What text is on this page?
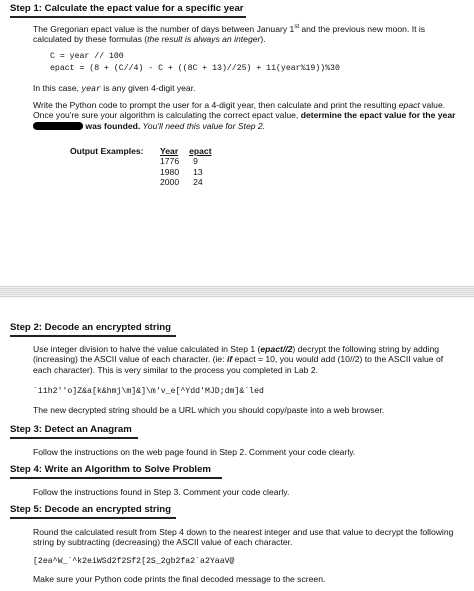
Step 1: Calculate the epact value for a specific year
The Gregorian epact value is the number of days between January 1st and the previous new moon. It is calculated by these formulas (the result is always an integer).
C = year // 100
epact = (8 + (C//4) - C + ((8C + 13)//25) + 11(year%19))%30
In this case, year is any given 4-digit year.
Write the Python code to prompt the user for a 4-digit year, then calculate and print the resulting epact value. Once you're sure your algorithm is calculating the correct epact value, determine the epact value for the year  was founded. You'll need this value for Step 2.
Output Examples: Year	epact
1776	9
1980	13
2000	24
Step 2: Decode an encrypted string
Use integer division to halve the value calculated in Step 1 (epact//2) decrypt the following string by adding (increasing) the ASCII value of each character. (ie: if epact = 10, you would add (10//2) to the ASCII value of each character). This is very similar to the process you completed in Lab 2.
`11h2''o]Z&a[k&hmj\m]&]\m'v_e[^Ydd'MJD;dm]&`led
The new decrypted string should be a URL which you should copy/paste into a web browser.
Step 3: Detect an Anagram
Follow the instructions on the web page found in Step 2. Comment your code clearly.
Step 4: Write an Algorithm to Solve Problem
Follow the instructions found in Step 3. Comment your code clearly.
Step 5: Decode an encrypted string
Round the calculated result from Step 4 down to the nearest integer and use that value to decrypt the following string by subtracting (decreasing) the ASCII value of each character.
[2ea^W_`^k2eiWSd2f2Sf2[2S_2gb2fa2`a2YaaV@
Make sure your Python code prints the final decoded message to the screen.
